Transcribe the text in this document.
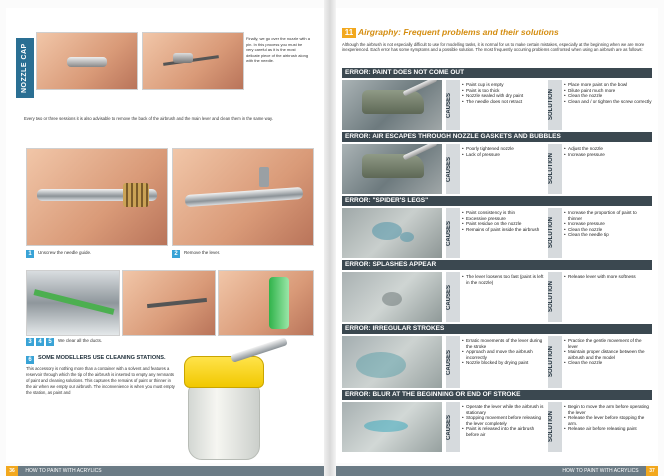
NOZZLE CAP
Finally, we go over the nozzle with a pin. In this process you must be very careful as it is the most delicate piece of the airbrush along with the needle.
Every two or three sessions it is also advisable to remove the back of the airbrush and the main lever and clean them in the same way.
1	Unscrew the needle guide.	2	Remove the lever.
3	4	5	We clear all the ducts.
6	SOME MODELLERS USE CLEANING STATIONS.
This accessory is nothing more than a container with a solvent and features a reservoir through which the tip of the airbrush is inserted to empty any remnants of paint and cleaning solutions. This captures the remains of paint or thinner in the air when we empty our airbrush. The inconvenience is when you must empty the station, as paint and
36 HOW TO PAINT WITH ACRYLICS
11 Airgraphy: Frequent problems and their solutions
Although the airbrush is not especially difficult to use for modelling tasks, it is normal for us to make certain mistakes, especially at the beginning when we are more inexperienced. Each error has some symptoms and a possible solution. The most frequently occurring problems confronted when using an airbrush are as follows:
ERROR: PAINT DOES NOT COME OUT
CAUSES
• Paint cup is empty
• Paint is too thick
• Nozzle sealed with dry paint
• The needle does not retract	SOLUTION
• Place more paint on the bowl
• Dilute paint much more
• Clean the nozzle
• Clean and / or tighten the screw correctly
ERROR: AIR ESCAPES THROUGH NOZZLE GASKETS AND BUBBLES
CAUSES
• Poorly tightened nozzle
• Lack of pressure	SOLUTION
• Adjust the nozzle
• Increase pressure
ERROR: "SPIDER'S LEGS"
CAUSES
• Paint consistency is thin
• Excessive pressure
• Paint residue on the nozzle
• Remains of paint inside the airbrush	SOLUTION
• Increase the proportion of paint to thinner
• Increase pressure
• Clean the nozzle
• Clean the needle tip
ERROR: SPLASHES APPEAR
CAUSES
• The lever loosens too fast (paint is left in the nozzle)	SOLUTION
• Release lever with more softness
ERROR: IRREGULAR STROKES
CAUSES
• Erratic movements of the lever during the stroke
• Approach and move the airbrush incorrectly
• Nozzle blocked by drying paint	SOLUTION
• Practice the gentle movement of the lever
• Maintain proper distance between the airbrush and the model
• Clean the nozzle
ERROR: BLUR AT THE BEGINNING OR END OF STROKE
CAUSES
• Operate the lever while the airbrush is stationary
• Stopping movement before releasing the lever completely
• Paint is released into the airbrush before air	SOLUTION
• Begin to move the arm before operating the lever
• Release the lever before stopping the arm.
• Release air before releasing paint
HOW TO PAINT WITH ACRYLICS 37
